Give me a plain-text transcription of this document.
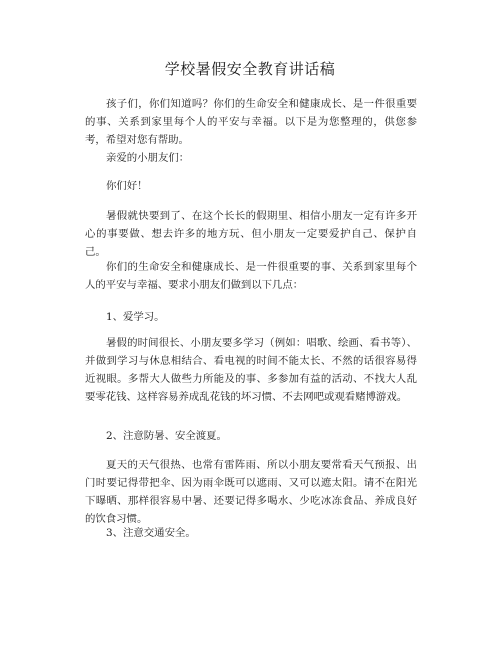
学校暑假安全教育讲话稿

孩子们，你们知道吗？你们的生命安全和健康成长、是一件很重要的事、关系到家里每个人的平安与幸福。以下是为您整理的，供您参考，希望对您有帮助。

亲爱的小朋友们：

你们好！

暑假就快要到了、在这个长长的假期里、相信小朋友一定有许多开心的事要做、想去许多的地方玩、但小朋友一定要爱护自己、保护自己。

你们的生命安全和健康成长、是一件很重要的事、关系到家里每个人的平安与幸福、要求小朋友们做到以下几点：

1、爱学习。

暑假的时间很长、小朋友要多学习（例如：唱歌、绘画、看书等）、并做到学习与休息相结合、看电视的时间不能太长、不然的话很容易得近视眼。多帮大人做些力所能及的事、多参加有益的活动、不找大人乱要零花钱、这样容易养成乱花钱的坏习惯、不去网吧或观看赌博游戏。

2、注意防暑、安全渡夏。

夏天的天气很热、也常有雷阵雨、所以小朋友要常看天气预报、出门时要记得带把伞、因为雨伞既可以遮雨、又可以遮太阳。请不在阳光下曝晒、那样很容易中暑、还要记得多喝水、少吃冰冻食品、养成良好的饮食习惯。

3、注意交通安全。
